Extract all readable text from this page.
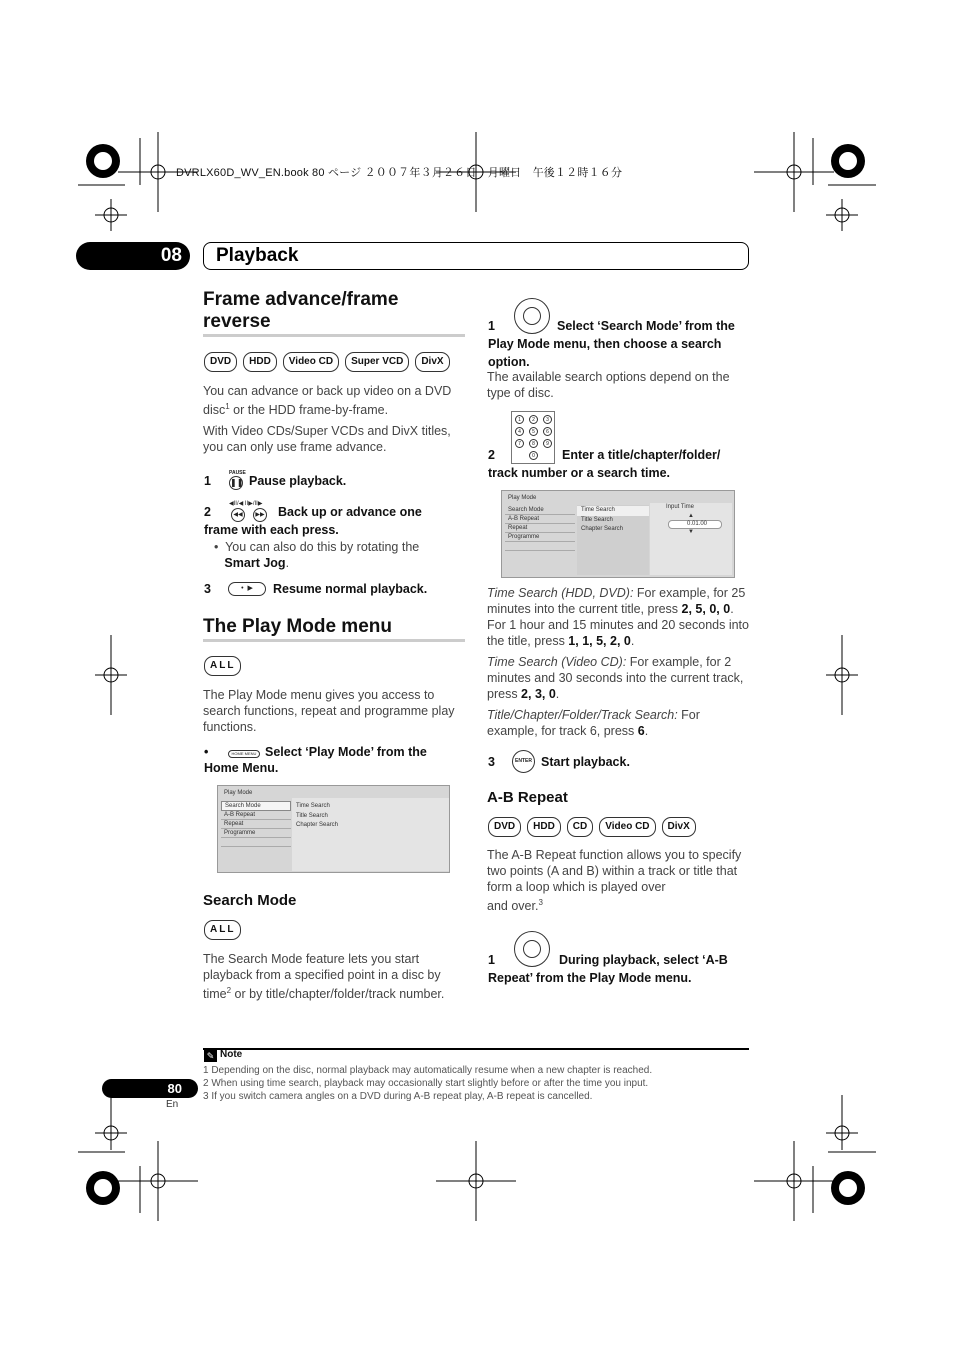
DVRLX60D_WV_EN.book 80 ページ ２００７年３月２６日　月曜日　午後１２時１６分
08	Playback
Frame advance/frame
reverse
DVD	HDD	Video CD	Super VCD	DivX
You can advance or back up video on a DVD
disc$^1$ or the HDD frame-by-frame.
With Video CDs/Super VCDs and DivX titles, you can only use frame advance.
1
PAUSE
❚❚ Pause playback.
2
◀II/◀ II▶/II▶
◀◀	▶▶ Back up or advance one
frame with each press.
•  You can also do this by rotating the
Smart Jog.
3	•  ▶	Resume normal playback.
The Play Mode menu
ALL
The Play Mode menu gives you access to search functions, repeat and programme play functions.
•	HOME MENU Select ‘Play Mode’ from the
Home Menu.
Play Mode
Search Mode
A-B Repeat
Repeat
Programme
Time Search
Title Search
Chapter Search
Search Mode
ALL
The Search Mode feature lets you start playback from a specified point in a disc by time$^2$ or by title/chapter/folder/track number.
1	Select ‘Search Mode’ from the
Play Mode menu, then choose a search option.
The available search options depend on the type of disc.
1	2	3
4	5	6
7	8	9
0
2	Enter a title/chapter/folder/
track number or a search time.
Play Mode
Search Mode
A-B Repeat
Repeat
Programme
Time Search
Title Search
Chapter Search
Input Time
▲
0.01.00
▼
Time Search (HDD, DVD): For example, for 25 minutes into the current title, press 2, 5, 0, 0. For 1 hour and 15 minutes and 20 seconds into the title, press 1, 1, 5, 2, 0.
Time Search (Video CD): For example, for 2 minutes and 30 seconds into the current track, press 2, 3, 0.
Title/Chapter/Folder/Track Search: For example, for track 6, press 6.
3	ENTER Start playback.
A-B Repeat
DVD	HDD	CD	Video CD	DivX
The A-B Repeat function allows you to specify two points (A and B) within a track or title that form a loop which is played over
and over.$^3$
1	During playback, select ‘A-B
Repeat’ from the Play Mode menu.
✎ Note
1 Depending on the disc, normal playback may automatically resume when a new chapter is reached.
2 When using time search, playback may occasionally start slightly before or after the time you input.
3 If you switch camera angles on a DVD during A-B repeat play, A-B repeat is cancelled.
80
En
